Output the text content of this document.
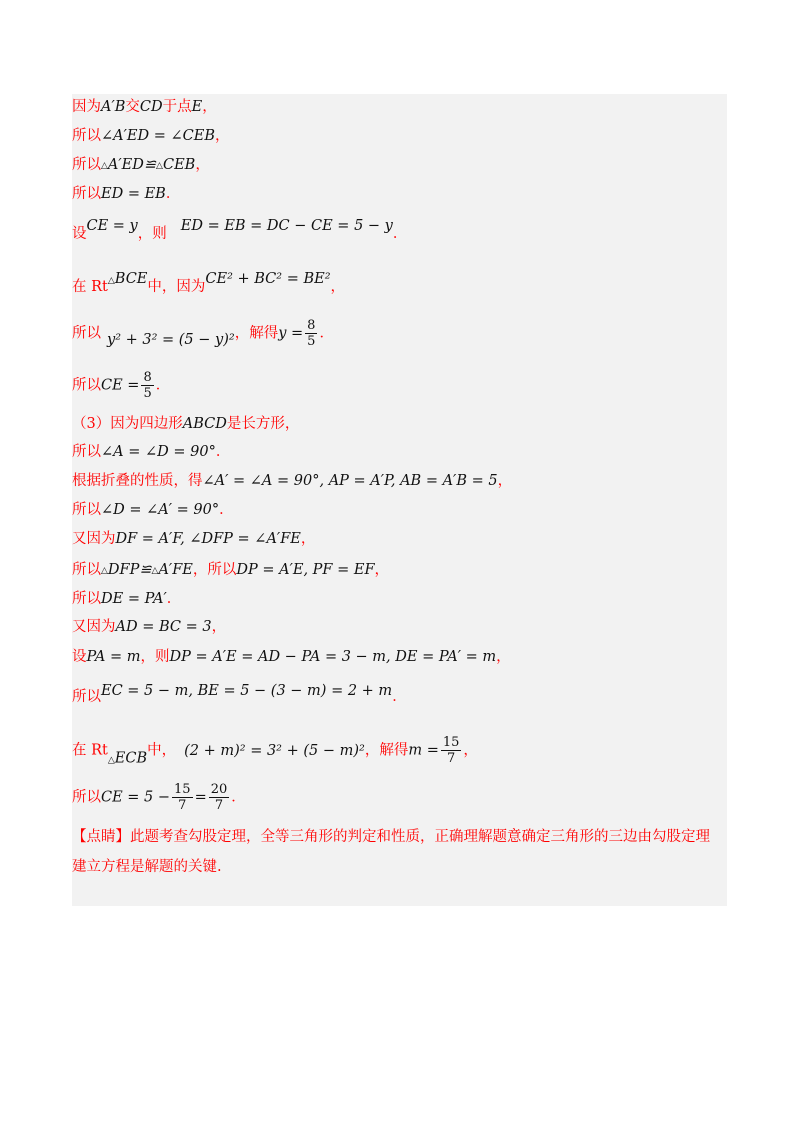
因为A′B交CD于点E，
所以∠A′ED = ∠CEB，
所以△A′ED≌△CEB，
所以ED = EB．
设CE = y，则 ED = EB = DC − CE = 5 − y．
在 Rt△BCE中，因为CE² + BC² = BE²，
所以 y² + 3² = (5 − y)²，解得$y = \frac{8}{5}$ ．
所以CE = $\frac{8}{5}$ ．
（3）因为四边形ABCD是长方形，
所以∠A = ∠D = 90°．
根据折叠的性质，得∠A′ = ∠A = 90°, AP = A′P, AB = A′B = 5，
所以∠D = ∠A′ = 90°．
又因为DF = A′F, ∠DFP = ∠A′FE，
所以△DFP≌△A′FE，所以DP = A′E, PF = EF，
所以DE = PA′．
又因为AD = BC = 3，
设PA = m，则DP = A′E = AD − PA = 3 − m, DE = PA′ = m，
所以EC = 5 − m, BE = 5 − (3 − m) = 2 + m．
在 $Rt_\triangle ECB$中， (2 + m)² = 3² + (5 − m)²，解得$m = \frac{15}{7}$ ，
所以CE = $5 - \frac{15}{7} = \frac{20}{7}$ ．
【点睛】此题考查勾股定理，全等三角形的判定和性质，正确理解题意确定三角形的三边由勾股定理建立方程是解题的关键.
